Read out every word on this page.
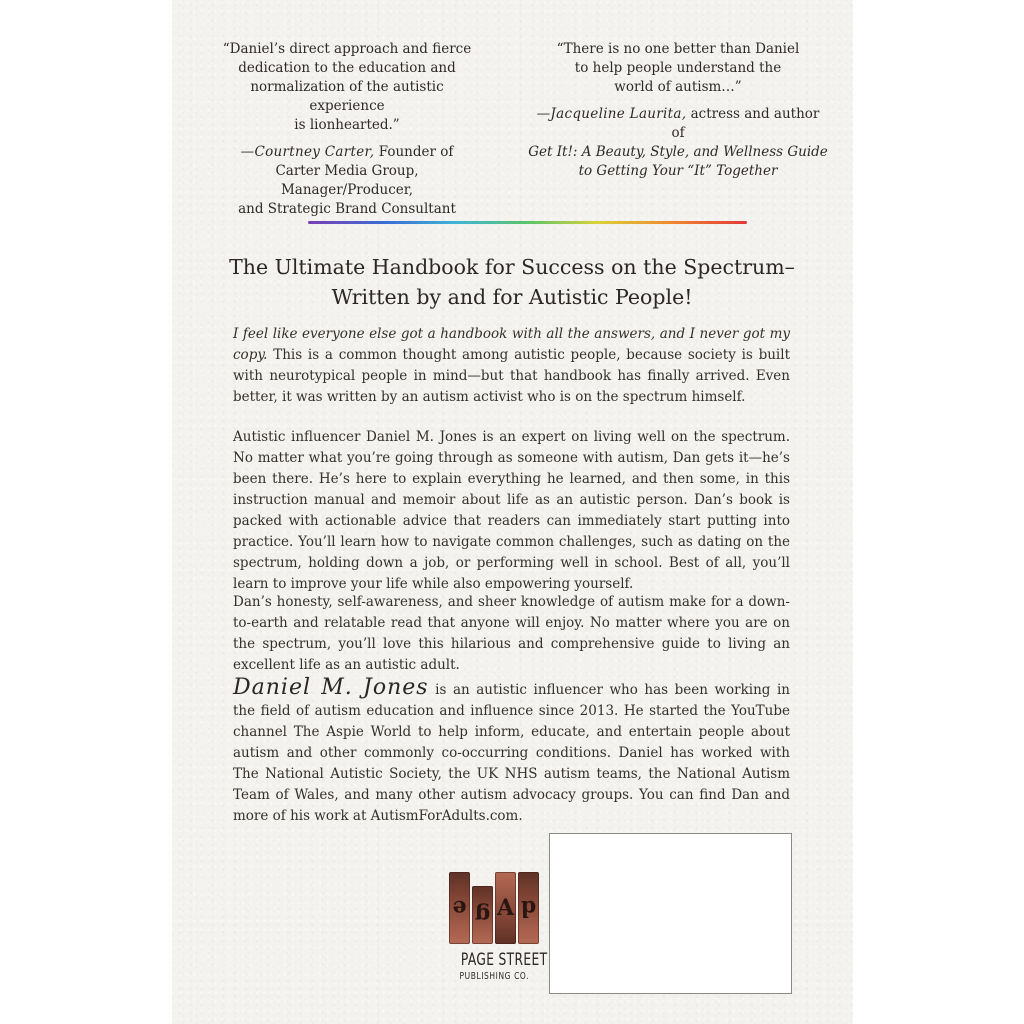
“Daniel’s direct approach and fierce
dedication to the education and
normalization of the autistic experience
is lionhearted.”

—Courtney Carter, Founder of
Carter Media Group, Manager/Producer,
and Strategic Brand Consultant

“There is no one better than Daniel
to help people understand the
world of autism…”

—Jacqueline Laurita, actress and author of
Get It!: A Beauty, Style, and Wellness Guide
to Getting Your “It” Together

The Ultimate Handbook for Success on the Spectrum–
Written by and for Autistic People!

I feel like everyone else got a handbook with all the answers, and I never got my copy. This is a common thought among autistic people, because society is built with neurotypical people in mind—but that handbook has finally arrived. Even better, it was written by an autism activist who is on the spectrum himself.

Autistic influencer Daniel M. Jones is an expert on living well on the spectrum. No matter what you’re going through as someone with autism, Dan gets it—he’s been there. He’s here to explain everything he learned, and then some, in this instruction manual and memoir about life as an autistic person. Dan’s book is packed with actionable advice that readers can immediately start putting into practice. You’ll learn how to navigate common challenges, such as dating on the spectrum, holding down a job, or performing well in school. Best of all, you’ll learn to improve your life while also empowering yourself.

Dan’s honesty, self-awareness, and sheer knowledge of autism make for a down-to-earth and relatable read that anyone will enjoy. No matter where you are on the spectrum, you’ll love this hilarious and comprehensive guide to living an excellent life as an autistic adult.

Daniel M. Jones is an autistic influencer who has been working in the field of autism education and influence since 2013. He started the YouTube channel The Aspie World to help inform, educate, and entertain people about autism and other commonly co-occurring conditions. Daniel has worked with The National Autistic Society, the UK NHS autism teams, the National Autism Team of Wales, and many other autism advocacy groups. You can find Dan and more of his work at AutismForAdults.com.

e g A d
PAGE STREET
PUBLISHING CO.
